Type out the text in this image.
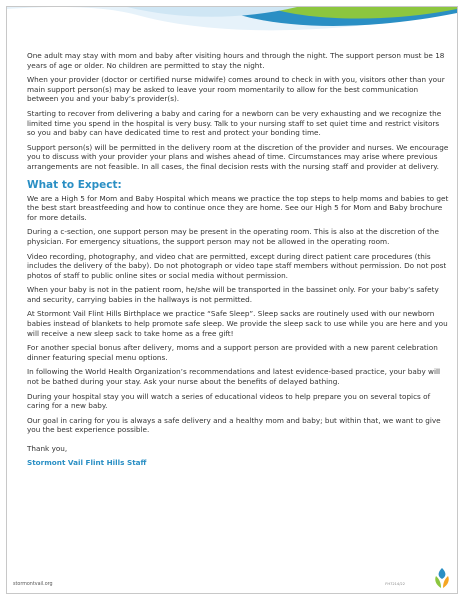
One adult may stay with mom and baby after visiting hours and through the night. The support person must be 18 years of age or older. No children are permitted to stay the night.

When your provider (doctor or certified nurse midwife) comes around to check in with you, visitors other than your main support person(s) may be asked to leave your room momentarily to allow for the best communication between you and your baby’s provider(s).

Starting to recover from delivering a baby and caring for a newborn can be very exhausting and we recognize the limited time you spend in the hospital is very busy. Talk to your nursing staff to set quiet time and restrict visitors so you and baby can have dedicated time to rest and protect your bonding time.

Support person(s) will be permitted in the delivery room at the discretion of the provider and nurses. We encourage you to discuss with your provider your plans and wishes ahead of time. Circumstances may arise where previous arrangements are not feasible. In all cases, the final decision rests with the nursing staff and provider at delivery.

What to Expect:

We are a High 5 for Mom and Baby Hospital which means we practice the top steps to help moms and babies to get the best start breastfeeding and how to continue once they are home. See our High 5 for Mom and Baby brochure for more details.

During a c-section, one support person may be present in the operating room. This is also at the discretion of the physician. For emergency situations, the support person may not be allowed in the operating room.

Video recording, photography, and video chat are permitted, except during direct patient care procedures (this includes the delivery of the baby). Do not photograph or video tape staff members without permission. Do not post photos of staff to public online sites or social media without permission.

When your baby is not in the patient room, he/she will be transported in the bassinet only. For your baby’s safety and security, carrying babies in the hallways is not permitted.

At Stormont Vail Flint Hills Birthplace we practice “Safe Sleep”. Sleep sacks are routinely used with our newborn babies instead of blankets to help promote safe sleep. We provide the sleep sack to use while you are here and you will receive a new sleep sack to take home as a free gift!

For another special bonus after delivery, moms and a support person are provided with a new parent celebration dinner featuring special menu options.

In following the World Health Organization’s recommendations and latest evidence-based practice, your baby will not be bathed during your stay. Ask your nurse about the benefits of delayed bathing.

During your hospital stay you will watch a series of educational videos to help prepare you on several topics of caring for a new baby.

Our goal in caring for you is always a safe delivery and a healthy mom and baby; but within that, we want to give you the best experience possible.

Thank you,

Stormont Vail Flint Hills Staff

stormontvail.org	FH7214/22
